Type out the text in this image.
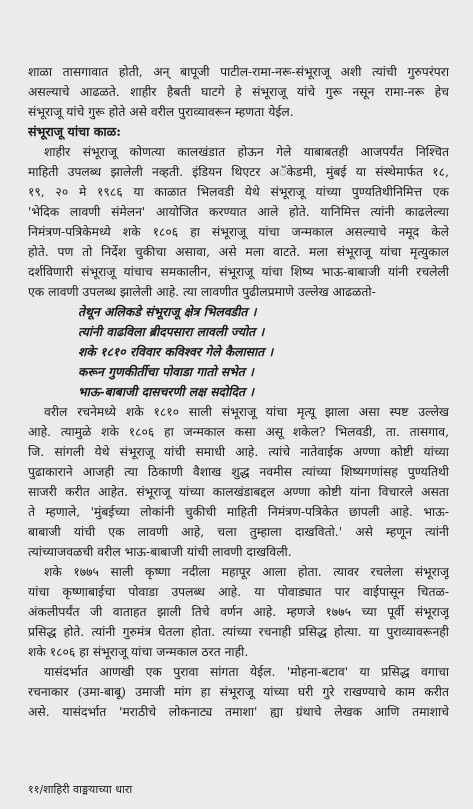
शाळा तासगावात होती, अन् बापूजी पाटील-रामा-नरू-संभूराजू अशी त्यांची गुरुपरंपरा
असल्याचे आढळते. शाहीर हैबती घाटगे हे संभूराजू यांचे गुरू नसून रामा-नरू हेच
संभूराजू यांचे गुरू होते असे वरील पुराव्यावरून म्हणता येईल.
संभूराजू यांचा काळ:
शाहीर संभूराजू कोणत्या कालखंडात होऊन गेले याबाबतही आजपर्यंत निश्चित
माहिती उपलब्ध झालेली नव्हती. इंडियन थिएटर अॅकेडमी, मुंबई या संस्थेमार्फत १८,
१९, २० मे १९८६ या काळात भिलवडी येथे संभूराजू यांच्या पुण्यतिथीनिमित्त एक
'भेदिक लावणी संमेलन' आयोजित करण्यात आले होते. यानिमित्त त्यांनी काढलेल्या
निमंत्रण-पत्रिकेमध्ये शके १८०६ हा संभूराजू यांचा जन्मकाल असल्याचे नमूद केले
होते. पण तो निर्देश चुकीचा असावा, असे मला वाटते. मला संभूराजू यांचा मृत्युकाल
दर्शविणारी संभूराजू यांचाच समकालीन, संभूराजू यांचा शिष्य भाऊ-बाबाजी यांनी रचलेली
एक लावणी उपलब्ध झालेली आहे. त्या लावणीत पुढीलप्रमाणे उल्लेख आढळतो-
तेथून अलिकडे संभूराजू क्षेत्र भिलवडीत ।
त्यांनी वाढविला ब्रीदपसारा लावली ज्योत ।
शके १८१० रविवार कविश्वर गेले कैलासात ।
करून गुणकीर्तीचा पोवाडा गातो सभेत ।
भाऊ-बाबाजी दासचरणी लक्ष सदोदित ।
वरील रचनेमध्ये शके १८१० साली संभूराजू यांचा मृत्यू झाला असा स्पष्ट उल्लेख
आहे. त्यामुळे शके १८०६ हा जन्मकाल कसा असू शकेल? भिलवडी, ता. तासगाव,
जि. सांगली येथे संभूराजू यांची समाधी आहे. त्यांचे नातेवाईक अण्णा कोष्टी यांच्या
पुढाकाराने आजही त्या ठिकाणी वैशाख शुद्ध नवमीस त्यांच्या शिष्यगणांसह पुण्यतिथी
साजरी करीत आहेत. संभूराजू यांच्या कालखंडाबद्दल अण्णा कोष्टी यांना विचारले असता
ते म्हणाले, 'मुंबईच्या लोकांनी चुकीची माहिती निमंत्रण-पत्रिकेत छापली आहे. भाऊ-
बाबाजी यांची एक लावणी आहे, चला तुम्हाला दाखवितो.' असे म्हणून त्यांनी
त्यांच्याजवळची वरील भाऊ-बाबाजी यांची लावणी दाखविली.
शके १७७५ साली कृष्णा नदीला महापूर आला होता. त्यावर रचलेला संभूराजू
यांचा कृष्णाबाईचा पोवाडा उपलब्ध आहे. या पोवाड्यात पार वाईपासून चितळ-
अंकलीपर्यंत जी वाताहत झाली तिचे वर्णन आहे. म्हणजे १७७५ च्या पूर्वी संभूराजू
प्रसिद्ध होते. त्यांनी गुरुमंत्र घेतला होता. त्यांच्या रचनाही प्रसिद्ध होत्या. या पुराव्यावरूनही
शके १८०६ हा संभूराजू यांचा जन्मकाल ठरत नाही.
यासंदर्भात आणखी एक पुरावा सांगता येईल. 'मोहना-बटाव' या प्रसिद्ध वगाचा
रचनाकार (उमा-बाबू) उमाजी मांग हा संभूराजू यांच्या घरी गुरे राखण्याचे काम करीत
असे. यासंदर्भात 'मराठीचे लोकनाट्य तमाशा' ह्या ग्रंथाचे लेखक आणि तमाशाचे
११/शाहिरी वाङ्मयाच्या धारा
